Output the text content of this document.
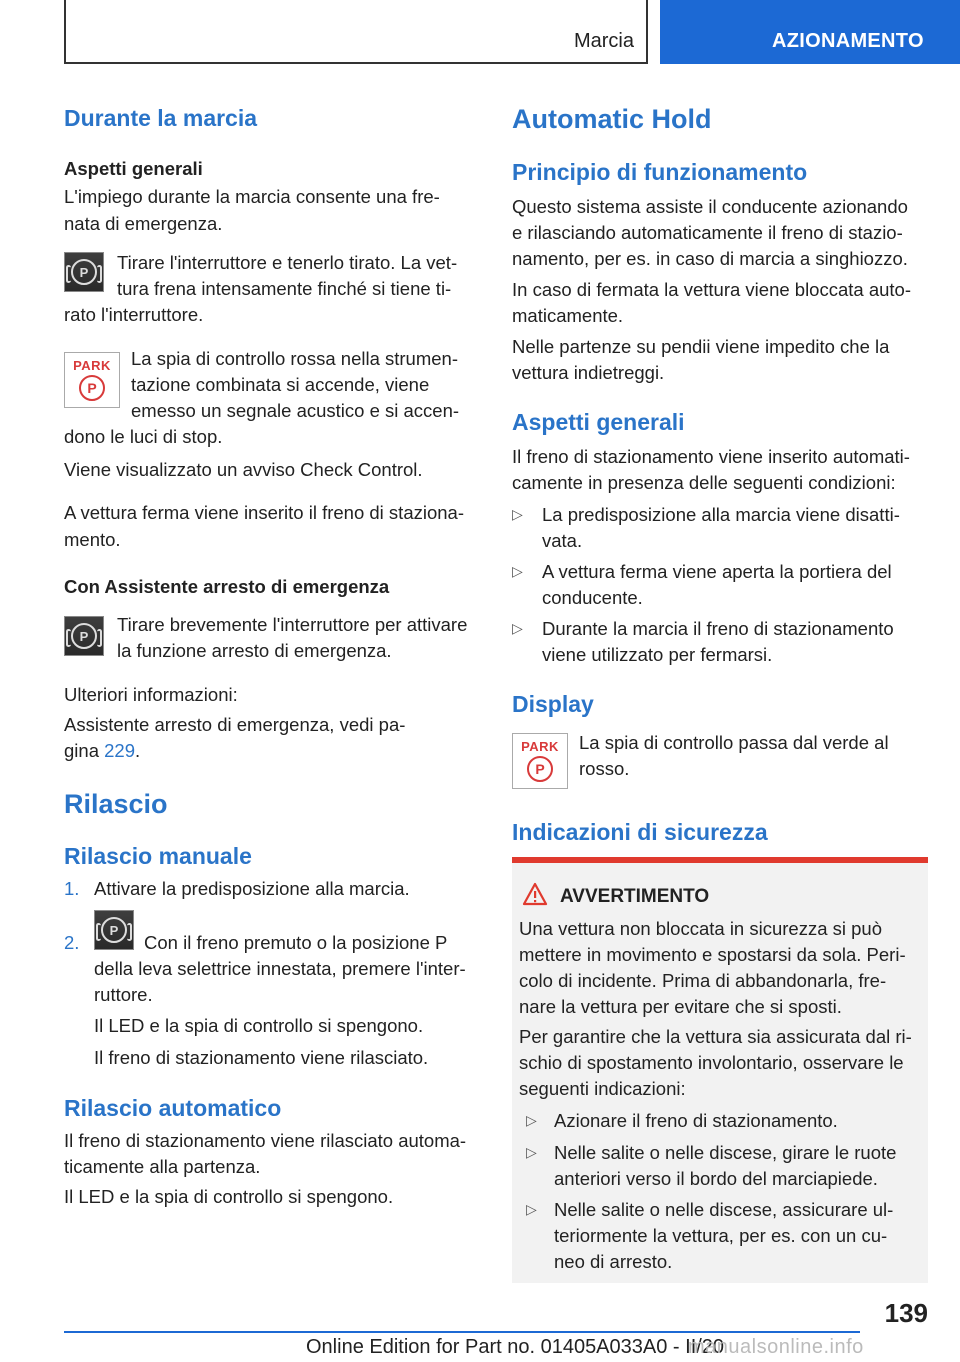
Marcia	AZIONAMENTO
Durante la marcia
Aspetti generali
L'impiego durante la marcia consente una fre-
nata di emergenza.
P Tirare l'interruttore e tenerlo tirato. La vet-
tura frena intensamente finché si tiene ti-
rato l'interruttore.
PARK
P
La spia di controllo rossa nella strumen-
tazione combinata si accende, viene
emesso un segnale acustico e si accen-
dono le luci di stop.
Viene visualizzato un avviso Check Control.
A vettura ferma viene inserito il freno di staziona-
mento.
Con Assistente arresto di emergenza
P
Tirare brevemente l'interruttore per attivare
la funzione arresto di emergenza.
Ulteriori informazioni:
Assistente arresto di emergenza, vedi pa-
gina 229.
Rilascio
Rilascio manuale
1. Attivare la predisposizione alla marcia.
2.
P
Con il freno premuto o la posizione P
della leva selettrice innestata, premere l'inter-
ruttore.
Il LED e la spia di controllo si spengono.
Il freno di stazionamento viene rilasciato.
Rilascio automatico
Il freno di stazionamento viene rilasciato automa-
ticamente alla partenza.
Il LED e la spia di controllo si spengono.
Automatic Hold
Principio di funzionamento
Questo sistema assiste il conducente azionando
e rilasciando automaticamente il freno di stazio-
namento, per es. in caso di marcia a singhiozzo.
In caso di fermata la vettura viene bloccata auto-
maticamente.
Nelle partenze su pendii viene impedito che la
vettura indietreggi.
Aspetti generali
Il freno di stazionamento viene inserito automati-
camente in presenza delle seguenti condizioni:
▷ La predisposizione alla marcia viene disatti-
vata.
▷ A vettura ferma viene aperta la portiera del
conducente.
▷ Durante la marcia il freno di stazionamento
viene utilizzato per fermarsi.
Display
PARK
P
La spia di controllo passa dal verde al
rosso.
Indicazioni di sicurezza
AVVERTIMENTO
Una vettura non bloccata in sicurezza si può
mettere in movimento e spostarsi da sola. Peri-
colo di incidente. Prima di abbandonarla, fre-
nare la vettura per evitare che si sposti.
Per garantire che la vettura sia assicurata dal ri-
schio di spostamento involontario, osservare le
seguenti indicazioni:
▷ Azionare il freno di stazionamento.
▷ Nelle salite o nelle discese, girare le ruote
anteriori verso il bordo del marciapiede.
▷ Nelle salite o nelle discese, assicurare ul-
teriormente la vettura, per es. con un cu-
neo di arresto.
139
Online Edition for Part no. 01405A033A0 - II/20
manualsonline.info
